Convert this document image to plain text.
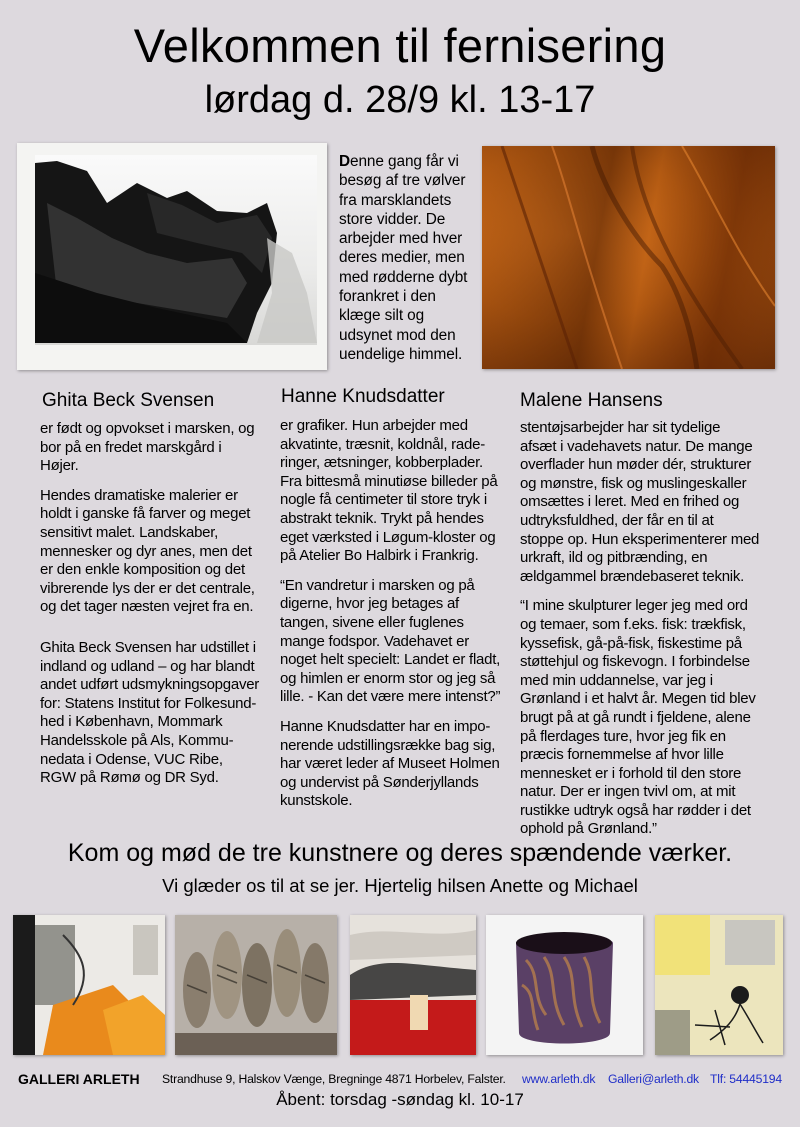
Velkommen til fernisering
lørdag d. 28/9 kl. 13-17
Denne gang får vi besøg af tre vølver fra marsklandets store vidder. De arbejder med hver deres medier, men med rødderne dybt forankret i den klæge silt og udsynet mod den uendelige himmel.
Ghita Beck Svensen

er født og opvokset i marsken, og bor på en fredet marskgård i Højer.

Hendes dramatiske malerier er holdt i ganske få farver og meget sensitivt malet. Landskaber, mennesker og dyr anes, men det er den enkle komposition og det vibrerende lys der er det centrale, og det tager næsten vejret fra en.

Ghita Beck Svensen har udstillet i indland og udland – og har blandt andet udført udsmykningsopgaver for: Statens Institut for Folkesund-hed i København, Mommark Handelsskole på Als, Kommu-nedata i Odense, VUC Ribe, RGW på Rømø og DR Syd.

Hanne Knudsdatter

er grafiker. Hun arbejder med akvatinte, træsnit, koldnål, rade-ringer, ætsninger, kobberplader. Fra bittesmå minutiøse billeder på nogle få centimeter til store tryk i abstrakt teknik. Trykt på hendes eget værksted i Løgum-kloster og på Atelier Bo Halbirk i Frankrig.

“En vandretur i marsken og på digerne, hvor jeg betages af tangen, sivene eller fuglenes mange fodspor. Vadehavet er noget helt specielt: Landet er fladt, og himlen er enorm stor og jeg så lille. - Kan det være mere intenst?”

Hanne Knudsdatter har en impo-nerende udstillingsrække bag sig, har været leder af Museet Holmen og undervist på Sønderjyllands kunstskole.

Malene Hansens

stentøjsarbejder har sit tydelige afsæt i vadehavets natur. De mange overflader hun møder dér, strukturer og mønstre, fisk og muslingeskaller omsættes i leret. Med en frihed og udtryksfuldhed, der får en til at stoppe op. Hun eksperimenterer med urkraft, ild og pitbrænding, en ældgammel brændebaseret teknik.

“I mine skulpturer leger jeg med ord og temaer, som f.eks. fisk: trækfisk, kyssefisk, gå-på-fisk, fiskestime på støttehjul og fiskevogn. I forbindelse med min uddannelse, var jeg i Grønland i et halvt år. Megen tid blev brugt på at gå rundt i fjeldene, alene på flerdages ture, hvor jeg fik en præcis fornemmelse af hvor lille mennesket er i forhold til den store natur. Der er ingen tvivl om, at mit rustikke udtryk også har rødder i det ophold på Grønland.”

Kom og mød de tre kunstnere og deres spændende værker.
Vi glæder os til at se jer. Hjertelig hilsen Anette og Michael
GALLERI ARLETH Strandhuse 9, Halskov Vænge, Bregninge 4871 Horbelev, Falster. www.arleth.dk Galleri@arleth.dk Tlf: 54445194
Åbent: torsdag -søndag kl. 10-17
